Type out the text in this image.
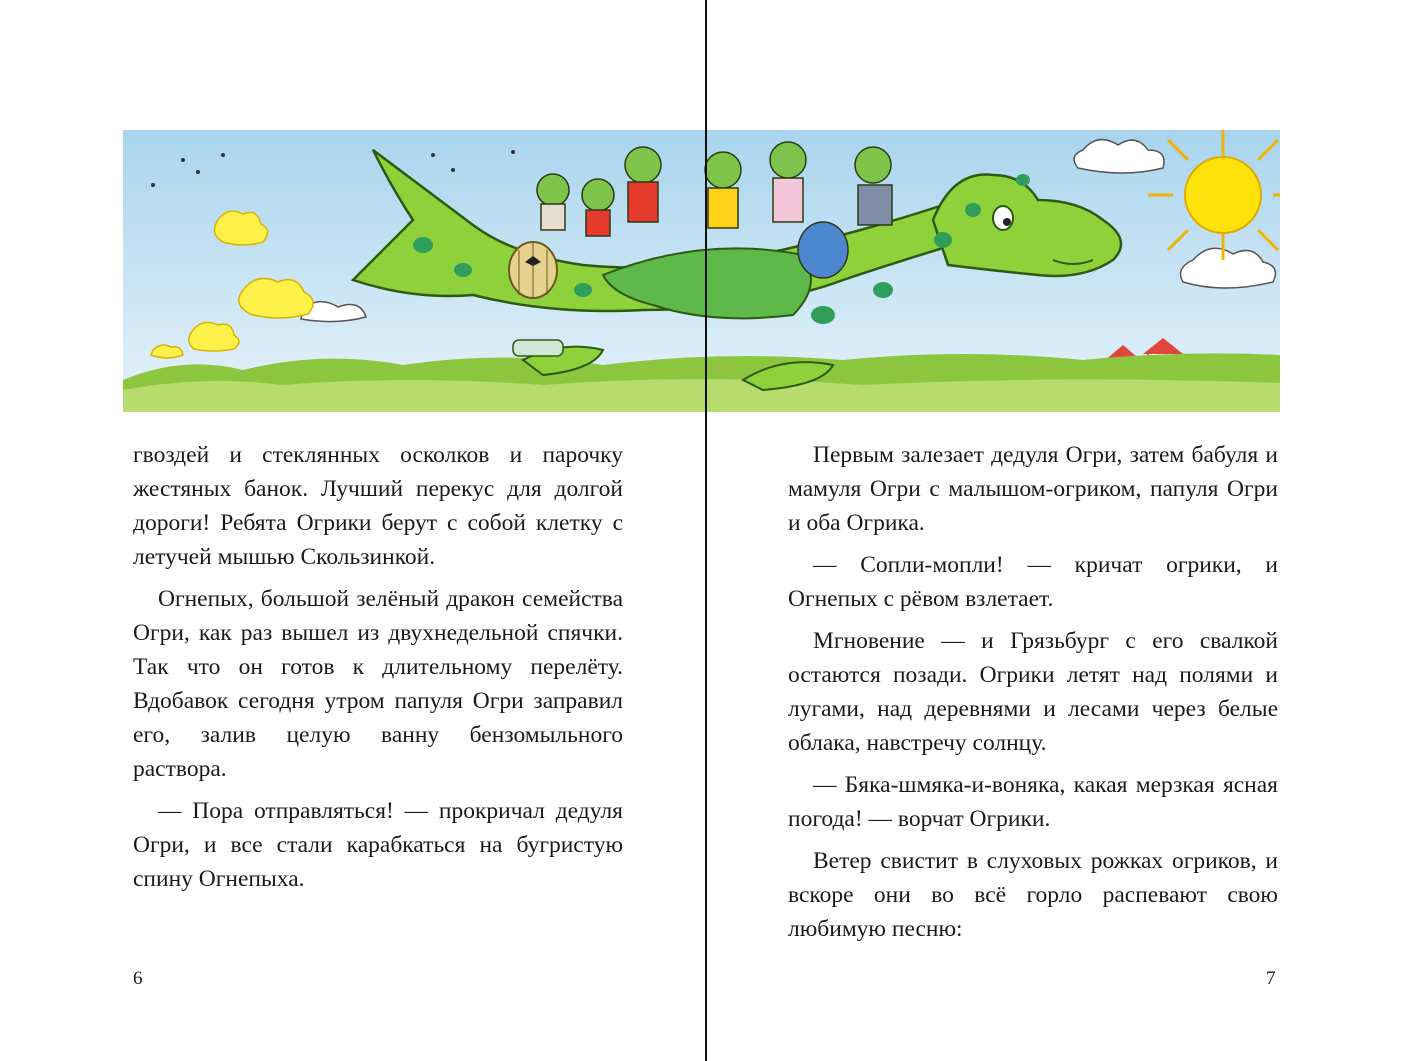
гвоздей и стеклянных осколков и парочку жестяных банок. Лучший перекус для долгой дороги! Ребята Огрики берут с собой клетку с летучей мышью Скользинкой.

Огнепых, большой зелёный дракон семейства Огри, как раз вышел из двухнедельной спячки. Так что он готов к длительному перелёту. Вдобавок сегодня утром папуля Огри заправил его, залив целую ванну бензомыльного раствора.

— Пора отправляться! — прокричал дедуля Огри, и все стали карабкаться на бугристую спину Огнепыха.

Первым залезает дедуля Огри, затем бабуля и мамуля Огри с малышом-огриком, папуля Огри и оба Огрика.

— Сопли-мопли! — кричат огрики, и Огнепых с рёвом взлетает.

Мгновение — и Грязьбург с его свалкой остаются позади. Огрики летят над полями и лугами, над деревнями и лесами через белые облака, навстречу солнцу.

— Бяка-шмяка-и-воняка, какая мерзкая ясная погода! — ворчат Огрики.

Ветер свистит в слуховых рожках огриков, и вскоре они во всё горло распевают свою любимую песню:

6	7
